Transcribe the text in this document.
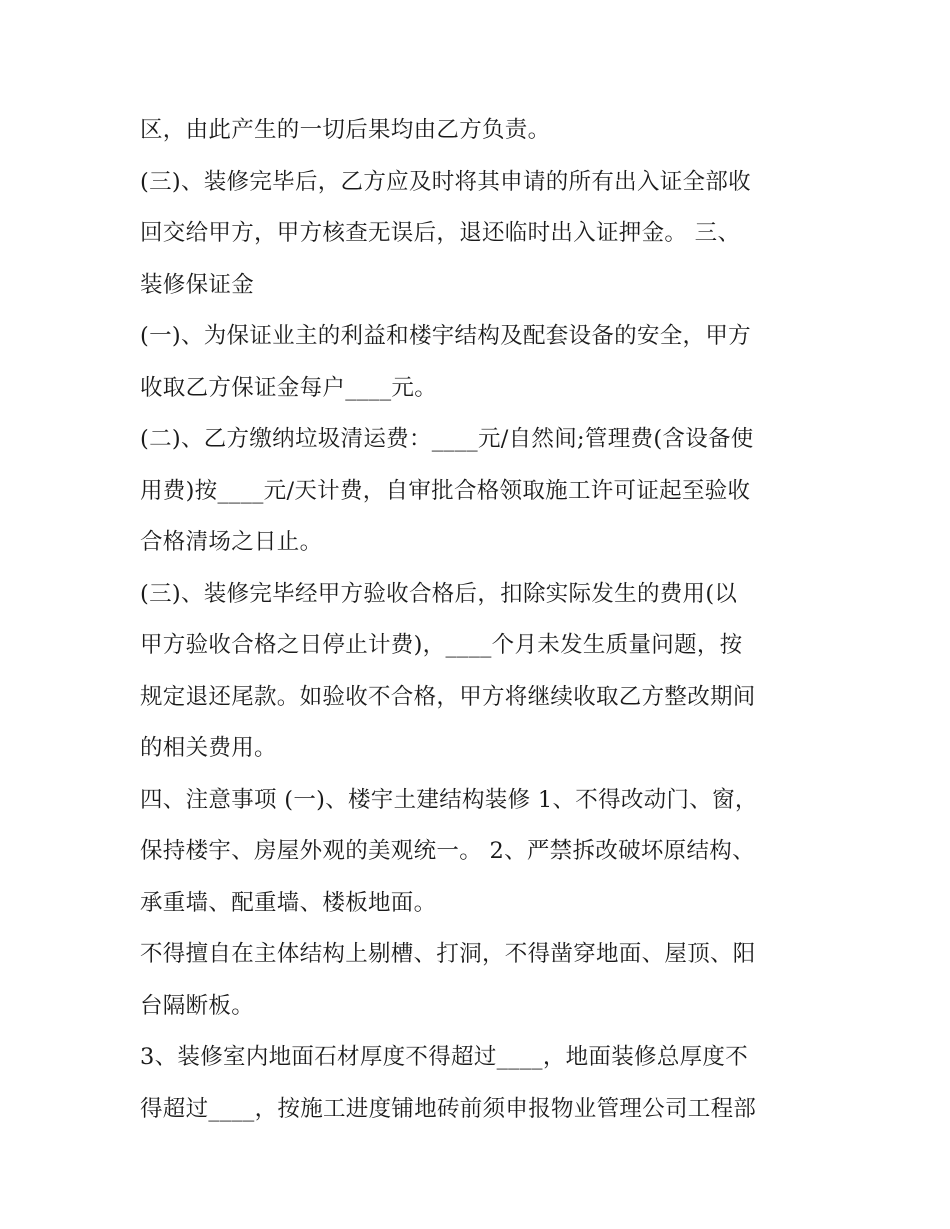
区，由此产生的一切后果均由乙方负责。
(三)、装修完毕后，乙方应及时将其申请的所有出入证全部收
回交给甲方，甲方核查无误后，退还临时出入证押金。 三、
装修保证金
(一)、为保证业主的利益和楼宇结构及配套设备的安全，甲方
收取乙方保证金每户____元。
(二)、乙方缴纳垃圾清运费：____元/自然间;管理费(含设备使
用费)按____元/天计费，自审批合格领取施工许可证起至验收
合格清场之日止。
(三)、装修完毕经甲方验收合格后，扣除实际发生的费用(以
甲方验收合格之日停止计费)，____个月未发生质量问题，按
规定退还尾款。如验收不合格，甲方将继续收取乙方整改期间
的相关费用。
四、注意事项 (一)、楼宇土建结构装修 1、不得改动门、窗，
保持楼宇、房屋外观的美观统一。 2、严禁拆改破坏原结构、
承重墙、配重墙、楼板地面。
不得擅自在主体结构上剔槽、打洞，不得凿穿地面、屋顶、阳
台隔断板。
3、装修室内地面石材厚度不得超过____，地面装修总厚度不
得超过____，按施工进度铺地砖前须申报物业管理公司工程部
